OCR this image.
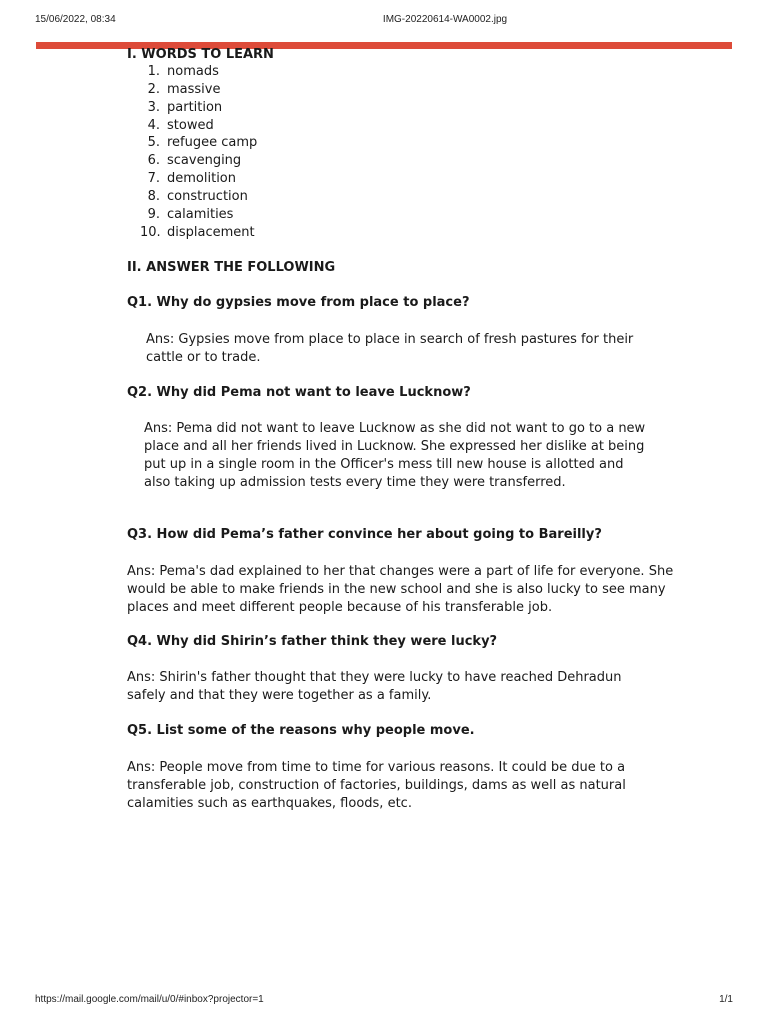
15/06/2022, 08:34	IMG-20220614-WA0002.jpg
I. WORDS TO LEARN
1. nomads
2. massive
3. partition
4. stowed
5. refugee camp
6. scavenging
7. demolition
8. construction
9. calamities
10. displacement
II. ANSWER THE FOLLOWING
Q1. Why do gypsies move from place to place?

Ans: Gypsies move from place to place in search of fresh pastures for their cattle or to trade.

Q2. Why did Pema not want to leave Lucknow?

Ans: Pema did not want to leave Lucknow as she did not want to go to a new place and all her friends lived in Lucknow. She expressed her dislike at being put up in a single room in the Officer's mess till new house is allotted and also taking up admission tests every time they were transferred.

Q3. How did Pema’s father convince her about going to Bareilly?

Ans: Pema's dad explained to her that changes were a part of life for everyone. She would be able to make friends in the new school and she is also lucky to see many places and meet different people because of his transferable job.

Q4. Why did Shirin’s father think they were lucky?

Ans: Shirin's father thought that they were lucky to have reached Dehradun safely and that they were together as a family.

Q5. List some of the reasons why people move.

Ans: People move from time to time for various reasons. It could be due to a transferable job, construction of factories, buildings, dams as well as natural calamities such as earthquakes, floods, etc.

https://mail.google.com/mail/u/0/#inbox?projector=1	1/1
